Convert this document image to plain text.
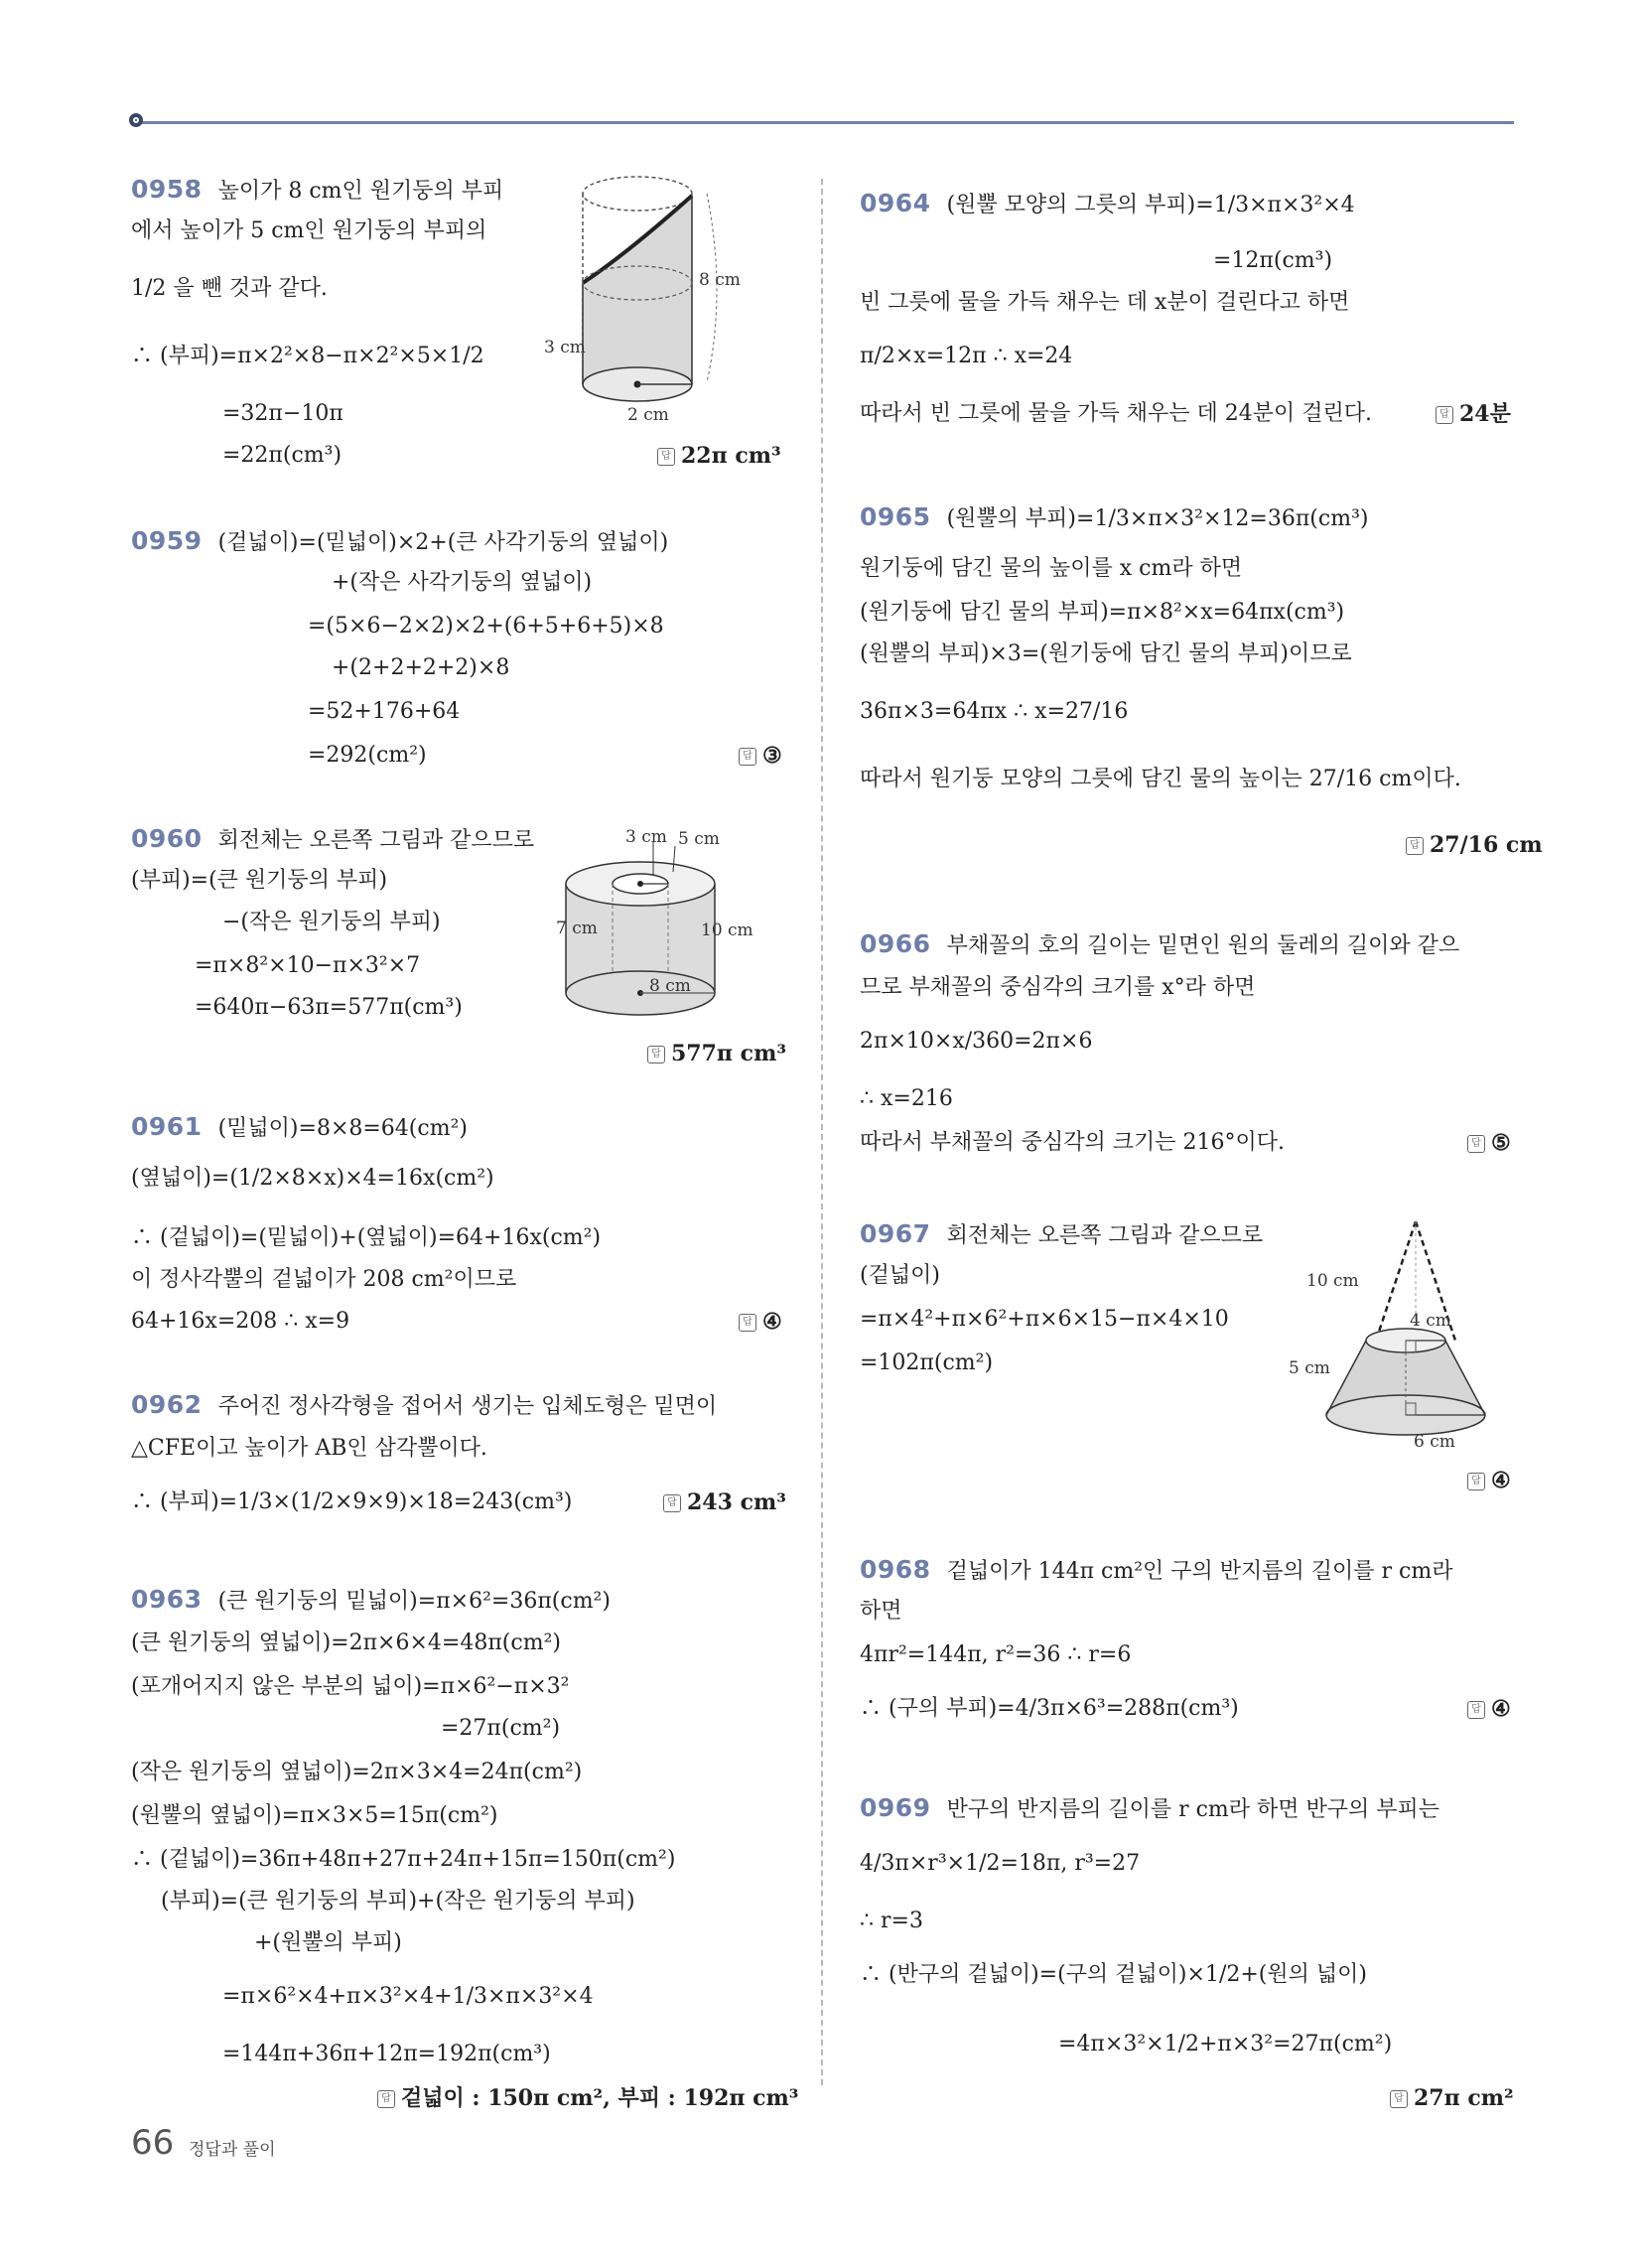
0958 높이가 8 cm인 원기둥의 부피
에서 높이가 5 cm인 원기둥의 부피의
1/2 을 뺀 것과 같다.
∴ (부피)=π×2²×8−π×2²×5×1/2
=32π−10π
=22π(cm³)	답 22π cm³
8 cm
3 cm
2 cm
0959 (겉넓이)=(밑넓이)×2+(큰 사각기둥의 옆넓이)
+(작은 사각기둥의 옆넓이)
=(5×6−2×2)×2+(6+5+6+5)×8
+(2+2+2+2)×8
=52+176+64
=292(cm²)	답 ③
0960 회전체는 오른쪽 그림과 같으므로
(부피)=(큰 원기둥의 부피)
−(작은 원기둥의 부피)
=π×8²×10−π×3²×7
=640π−63π=577π(cm³)
답 577π cm³
3 cm 5 cm
7 cm	10 cm
8 cm
0961 (밑넓이)=8×8=64(cm²)
(옆넓이)=(1/2×8×x)×4=16x(cm²)
∴ (겉넓이)=(밑넓이)+(옆넓이)=64+16x(cm²)
이 정사각뿔의 겉넓이가 208 cm²이므로
64+16x=208 ∴ x=9	답 ④
0962 주어진 정사각형을 접어서 생기는 입체도형은 밑면이
△CFE이고 높이가 AB인 삼각뿔이다.
∴ (부피)=1/3×(1/2×9×9)×18=243(cm³)	답 243 cm³
0963 (큰 원기둥의 밑넓이)=π×6²=36π(cm²)
(큰 원기둥의 옆넓이)=2π×6×4=48π(cm²)
(포개어지지 않은 부분의 넓이)=π×6²−π×3²
=27π(cm²)
(작은 원기둥의 옆넓이)=2π×3×4=24π(cm²)
(원뿔의 옆넓이)=π×3×5=15π(cm²)
∴ (겉넓이)=36π+48π+27π+24π+15π=150π(cm²)
(부피)=(큰 원기둥의 부피)+(작은 원기둥의 부피)
+(원뿔의 부피)
=π×6²×4+π×3²×4+1/3×π×3²×4
=144π+36π+12π=192π(cm³)
답 겉넓이 : 150π cm², 부피 : 192π cm³
0964 (원뿔 모양의 그릇의 부피)=1/3×π×3²×4
=12π(cm³)
빈 그릇에 물을 가득 채우는 데 x분이 걸린다고 하면
π/2×x=12π ∴ x=24
따라서 빈 그릇에 물을 가득 채우는 데 24분이 걸린다.	답 24분
0965 (원뿔의 부피)=1/3×π×3²×12=36π(cm³)
원기둥에 담긴 물의 높이를 x cm라 하면
(원기둥에 담긴 물의 부피)=π×8²×x=64πx(cm³)
(원뿔의 부피)×3=(원기둥에 담긴 물의 부피)이므로
36π×3=64πx ∴ x=27/16
따라서 원기둥 모양의 그릇에 담긴 물의 높이는 27/16 cm이다.
답 27/16 cm
0966 부채꼴의 호의 길이는 밑면인 원의 둘레의 길이와 같으
므로 부채꼴의 중심각의 크기를 x°라 하면
2π×10×x/360=2π×6
∴ x=216
따라서 부채꼴의 중심각의 크기는 216°이다.	답 ⑤
0967 회전체는 오른쪽 그림과 같으므로
(겉넓이)
=π×4²+π×6²+π×6×15−π×4×10
=102π(cm²)
답 ④
10 cm
4 cm
5 cm
6 cm
0968 겉넓이가 144π cm²인 구의 반지름의 길이를 r cm라
하면
4πr²=144π, r²=36 ∴ r=6
∴ (구의 부피)=4/3π×6³=288π(cm³)	답 ④
0969 반구의 반지름의 길이를 r cm라 하면 반구의 부피는
4/3π×r³×1/2=18π, r³=27
∴ r=3
∴ (반구의 겉넓이)=(구의 겉넓이)×1/2+(원의 넓이)
=4π×3²×1/2+π×3²=27π(cm²)
답 27π cm²
66 정답과 풀이
